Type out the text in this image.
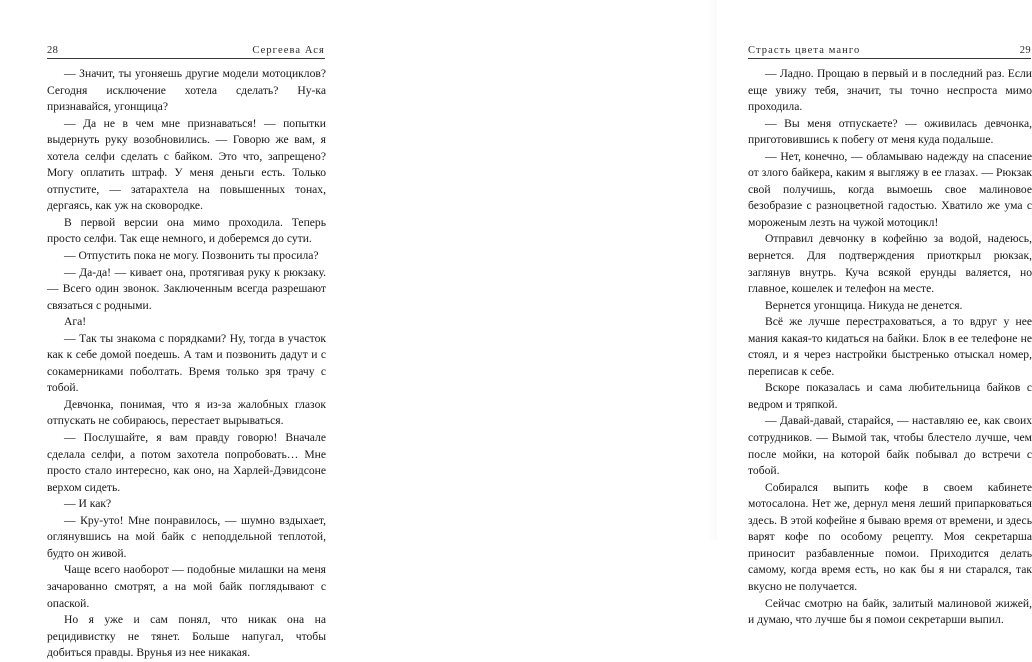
28	Сергеева Ася

— Значит, ты угоняешь другие модели мотоциклов? Сегодня исключение хотела сделать? Ну-ка признавайся, угонщица?

— Да не в чем мне признаваться! — попытки выдернуть руку возобновились. — Говорю же вам, я хотела селфи сделать с байком. Это что, запрещено? Могу оплатить штраф. У меня деньги есть. Только отпустите, — затарахтела на повышенных тонах, дергаясь, как уж на сковородке.

В первой версии она мимо проходила. Теперь просто селфи. Так еще немного, и доберемся до сути.

— Отпустить пока не могу. Позвонить ты просила?

— Да-да! — кивает она, протягивая руку к рюкзаку. — Всего один звонок. Заключенным всегда разрешают связаться с родными.

Ага!

— Так ты знакома с порядками? Ну, тогда в участок как к себе домой поедешь. А там и позвонить дадут и с сокамерниками поболтать. Время только зря трачу с тобой.

Девчонка, понимая, что я из-за жалобных глазок отпускать не собираюсь, перестает вырываться.

— Послушайте, я вам правду говорю! Вначале сделала селфи, а потом захотела попробовать… Мне просто стало интересно, как оно, на Харлей-Дэвидсоне верхом сидеть.

— И как?

— Кру-уто! Мне понравилось, — шумно вздыхает, оглянувшись на мой байк с неподдельной теплотой, будто он живой.

Чаще всего наоборот — подобные милашки на меня зачарованно смотрят, а на мой байк поглядывают с опаской.

Но я уже и сам понял, что никак она на рецидивистку не тянет. Больше напугал, чтобы добиться правды. Врунья из нее никакая.

Страсть цвета манго	29

— Ладно. Прощаю в первый и в последний раз. Если еще увижу тебя, значит, ты точно неспроста мимо проходила.

— Вы меня отпускаете? — оживилась девчонка, приготовившись к побегу от меня куда подальше.

— Нет, конечно, — обламываю надежду на спасение от злого байкера, каким я выгляжу в ее глазах. — Рюкзак свой получишь, когда вымоешь свое малиновое безобразие с разноцветной гадостью. Хватило же ума с мороженым лезть на чужой мотоцикл!

Отправил девчонку в кофейню за водой, надеюсь, вернется. Для подтверждения приоткрыл рюкзак, заглянув внутрь. Куча всякой ерунды валяется, но главное, кошелек и телефон на месте.

Вернется угонщица. Никуда не денется.

Всё же лучше перестраховаться, а то вдруг у нее мания какая-то кидаться на байки. Блок в ее телефоне не стоял, и я через настройки быстренько отыскал номер, переписав к себе.

Вскоре показалась и сама любительница байков с ведром и тряпкой.

— Давай-давай, старайся, — наставляю ее, как своих сотрудников. — Вымой так, чтобы блестело лучше, чем после мойки, на которой байк побывал до встречи с тобой.

Собирался выпить кофе в своем кабинете мотосалона. Нет же, дернул меня леший припарковаться здесь. В этой кофейне я бываю время от времени, и здесь варят кофе по особому рецепту. Моя секретарша приносит разбавленные помои. Приходится делать самому, когда время есть, но как бы я ни старался, так вкусно не получается.

Сейчас смотрю на байк, залитый малиновой жижей, и думаю, что лучше бы я помои секретарши выпил.
